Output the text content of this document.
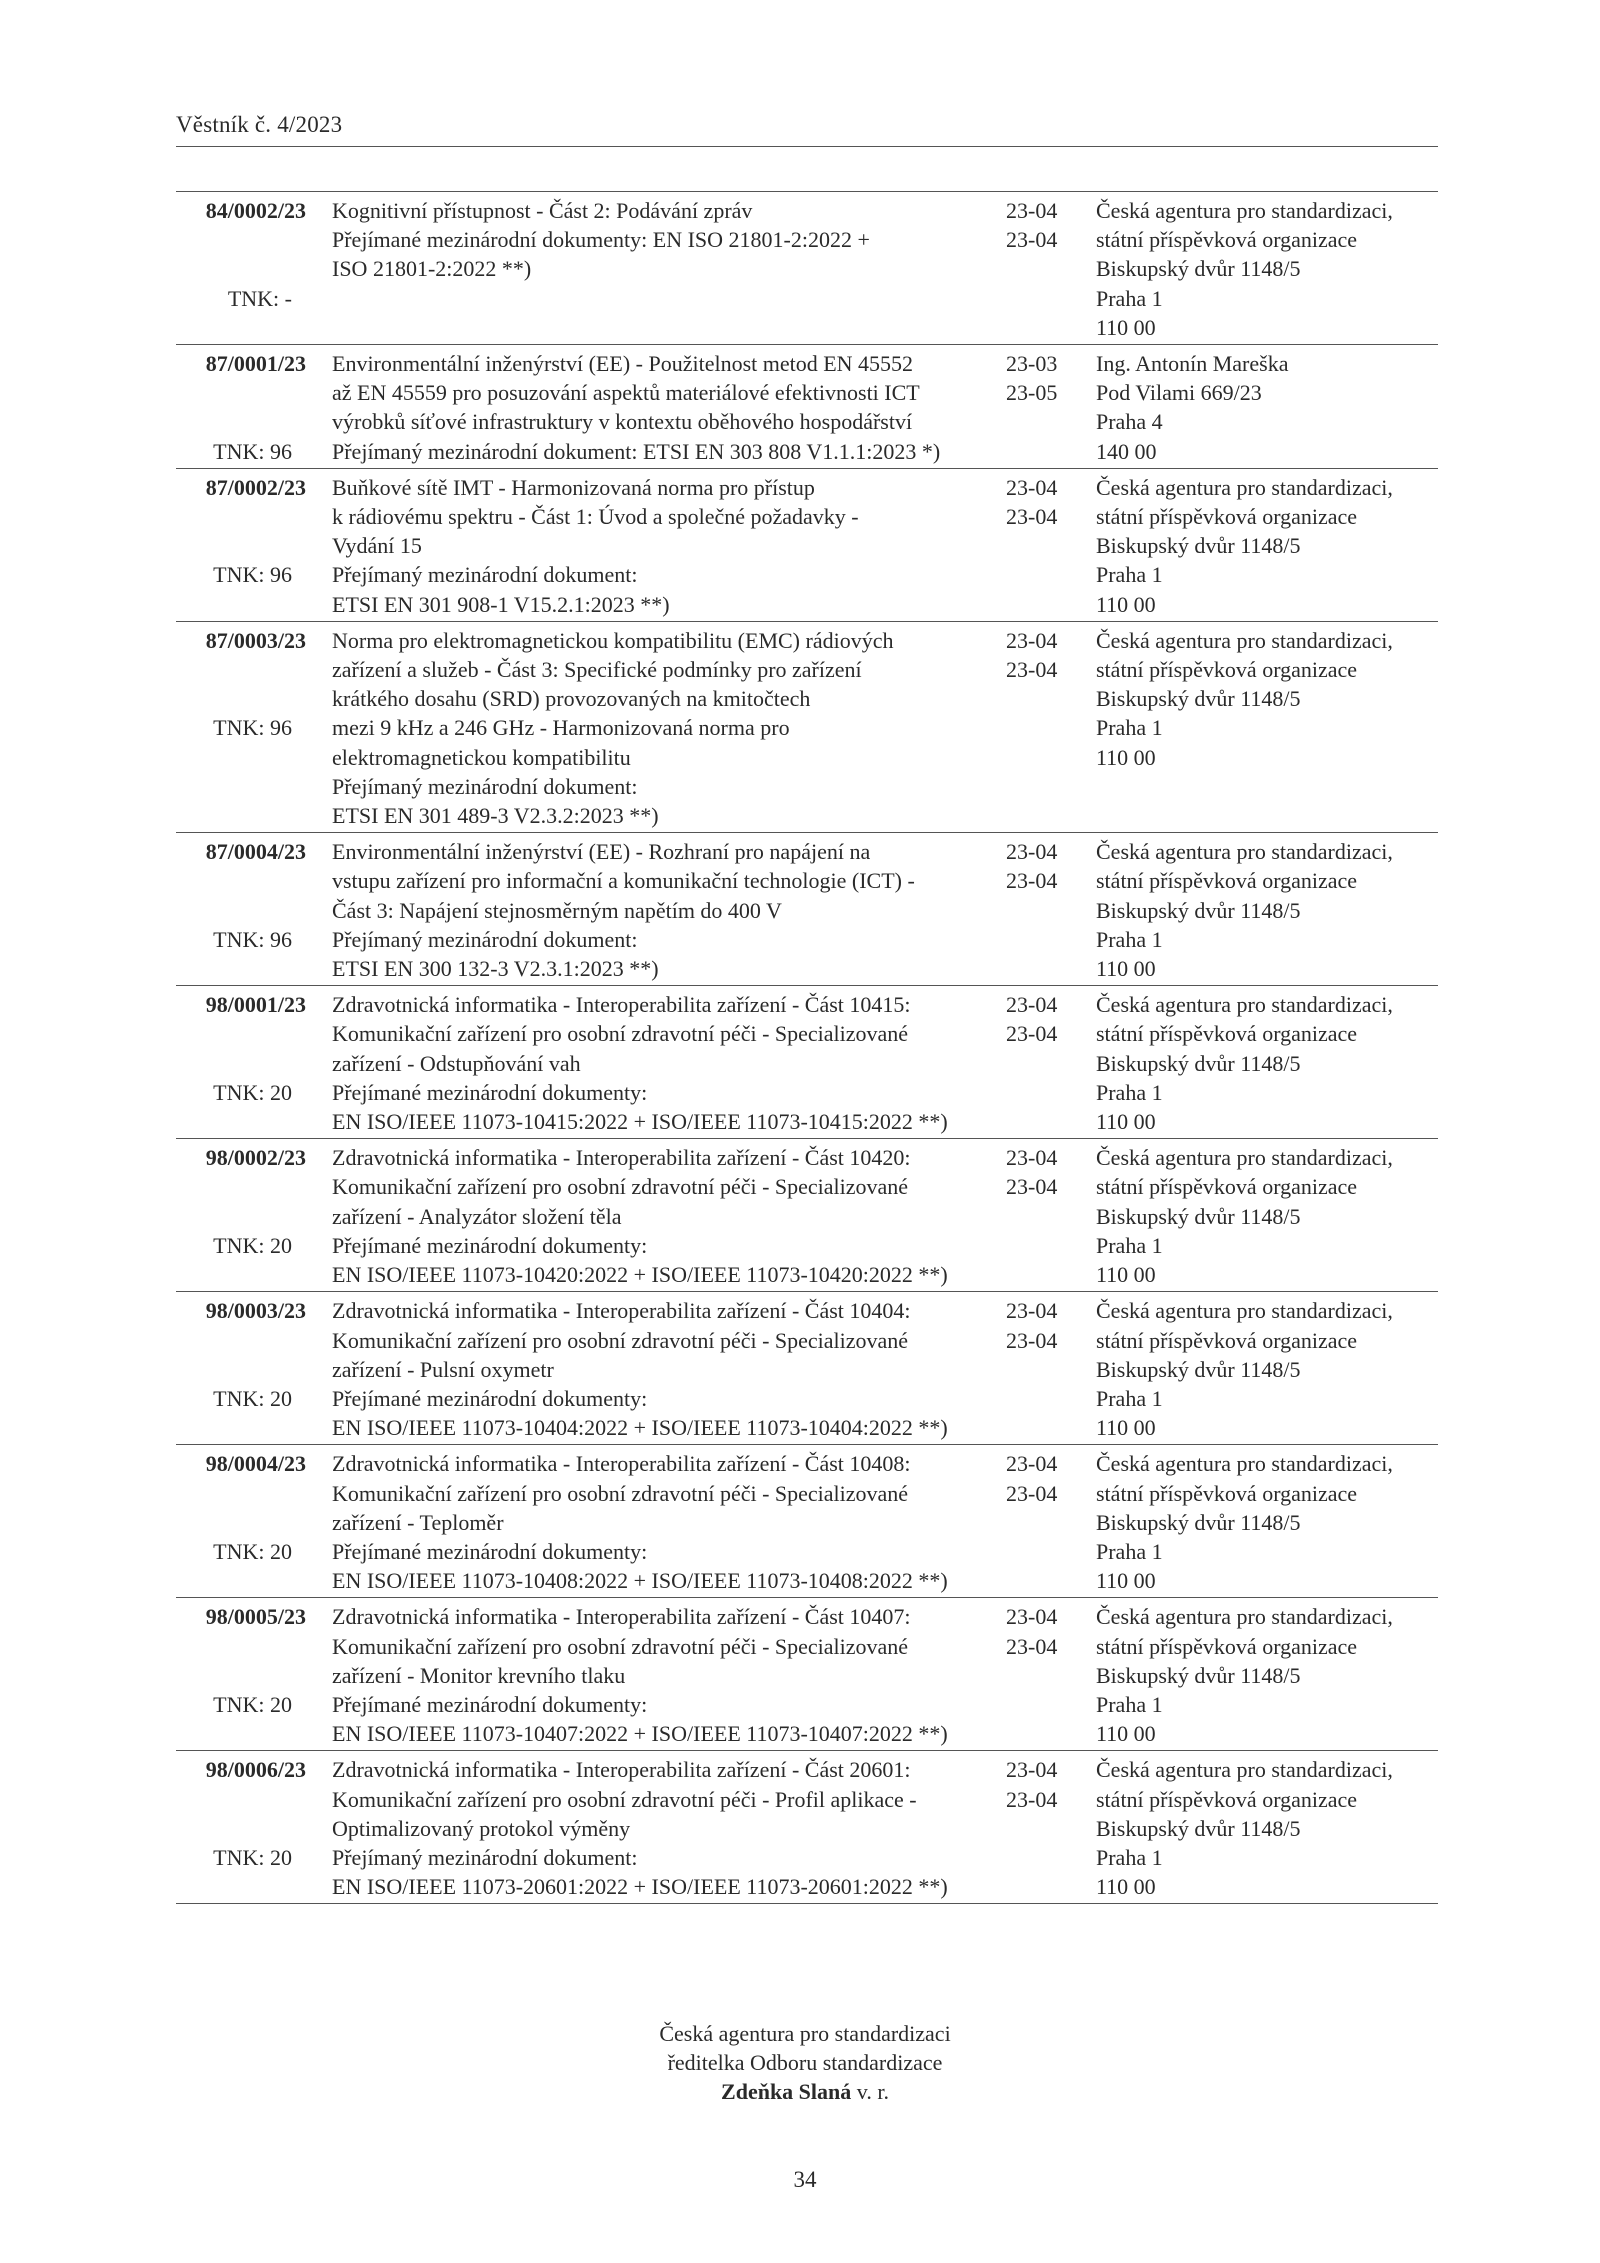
Věstník č. 4/2023
84/0002/23 Kognitivní přístupnost - Část 2: Podávání zpráv
Přejímané mezinárodní dokumenty: EN ISO 21801-2:2022 +
ISO 21801-2:2022 **)
TNK: -
23-04
23-04
Česká agentura pro standardizaci,
státní příspěvková organizace
Biskupský dvůr 1148/5
Praha 1
110 00
87/0001/23 Environmentální inženýrství (EE) - Použitelnost metod EN 45552
až EN 45559 pro posuzování aspektů materiálové efektivnosti ICT
výrobků síťové infrastruktury v kontextu oběhového hospodářství
Přejímaný mezinárodní dokument: ETSI EN 303 808 V1.1.1:2023 *)
TNK: 96
23-03
23-05
Ing. Antonín Mareška
Pod Vilami 669/23
Praha 4
140 00
87/0002/23 Buňkové sítě IMT - Harmonizovaná norma pro přístup
k rádiovému spektru - Část 1: Úvod a společné požadavky -
Vydání 15
Přejímaný mezinárodní dokument:
ETSI EN 301 908-1 V15.2.1:2023 **)
TNK: 96
23-04
23-04
Česká agentura pro standardizaci,
státní příspěvková organizace
Biskupský dvůr 1148/5
Praha 1
110 00
87/0003/23 Norma pro elektromagnetickou kompatibilitu (EMC) rádiových
zařízení a služeb - Část 3: Specifické podmínky pro zařízení
krátkého dosahu (SRD) provozovaných na kmitočtech
mezi 9 kHz a 246 GHz - Harmonizovaná norma pro
elektromagnetickou kompatibilitu
Přejímaný mezinárodní dokument:
ETSI EN 301 489-3 V2.3.2:2023 **)
TNK: 96
23-04
23-04
Česká agentura pro standardizaci,
státní příspěvková organizace
Biskupský dvůr 1148/5
Praha 1
110 00
87/0004/23 Environmentální inženýrství (EE) - Rozhraní pro napájení na
vstupu zařízení pro informační a komunikační technologie (ICT) -
Část 3: Napájení stejnosměrným napětím do 400 V
Přejímaný mezinárodní dokument:
ETSI EN 300 132-3 V2.3.1:2023 **)
TNK: 96
23-04
23-04
Česká agentura pro standardizaci,
státní příspěvková organizace
Biskupský dvůr 1148/5
Praha 1
110 00
98/0001/23 Zdravotnická informatika - Interoperabilita zařízení - Část 10415:
Komunikační zařízení pro osobní zdravotní péči - Specializované
zařízení - Odstupňování vah
Přejímané mezinárodní dokumenty:
EN ISO/IEEE 11073-10415:2022 + ISO/IEEE 11073-10415:2022 **)
TNK: 20
23-04
23-04
Česká agentura pro standardizaci,
státní příspěvková organizace
Biskupský dvůr 1148/5
Praha 1
110 00
98/0002/23 Zdravotnická informatika - Interoperabilita zařízení - Část 10420:
Komunikační zařízení pro osobní zdravotní péči - Specializované
zařízení - Analyzátor složení těla
Přejímané mezinárodní dokumenty:
EN ISO/IEEE 11073-10420:2022 + ISO/IEEE 11073-10420:2022 **)
TNK: 20
23-04
23-04
Česká agentura pro standardizaci,
státní příspěvková organizace
Biskupský dvůr 1148/5
Praha 1
110 00
98/0003/23 Zdravotnická informatika - Interoperabilita zařízení - Část 10404:
Komunikační zařízení pro osobní zdravotní péči - Specializované
zařízení - Pulsní oxymetr
Přejímané mezinárodní dokumenty:
EN ISO/IEEE 11073-10404:2022 + ISO/IEEE 11073-10404:2022 **)
TNK: 20
23-04
23-04
Česká agentura pro standardizaci,
státní příspěvková organizace
Biskupský dvůr 1148/5
Praha 1
110 00
98/0004/23 Zdravotnická informatika - Interoperabilita zařízení - Část 10408:
Komunikační zařízení pro osobní zdravotní péči - Specializované
zařízení - Teploměr
Přejímané mezinárodní dokumenty:
EN ISO/IEEE 11073-10408:2022 + ISO/IEEE 11073-10408:2022 **)
TNK: 20
23-04
23-04
Česká agentura pro standardizaci,
státní příspěvková organizace
Biskupský dvůr 1148/5
Praha 1
110 00
98/0005/23 Zdravotnická informatika - Interoperabilita zařízení - Část 10407:
Komunikační zařízení pro osobní zdravotní péči - Specializované
zařízení - Monitor krevního tlaku
Přejímané mezinárodní dokumenty:
EN ISO/IEEE 11073-10407:2022 + ISO/IEEE 11073-10407:2022 **)
TNK: 20
23-04
23-04
Česká agentura pro standardizaci,
státní příspěvková organizace
Biskupský dvůr 1148/5
Praha 1
110 00
98/0006/23 Zdravotnická informatika - Interoperabilita zařízení - Část 20601:
Komunikační zařízení pro osobní zdravotní péči - Profil aplikace -
Optimalizovaný protokol výměny
Přejímaný mezinárodní dokument:
EN ISO/IEEE 11073-20601:2022 + ISO/IEEE 11073-20601:2022 **)
TNK: 20
23-04
23-04
Česká agentura pro standardizaci,
státní příspěvková organizace
Biskupský dvůr 1148/5
Praha 1
110 00
Česká agentura pro standardizaci
ředitelka Odboru standardizace
Zdeňka Slaná v. r.
34
